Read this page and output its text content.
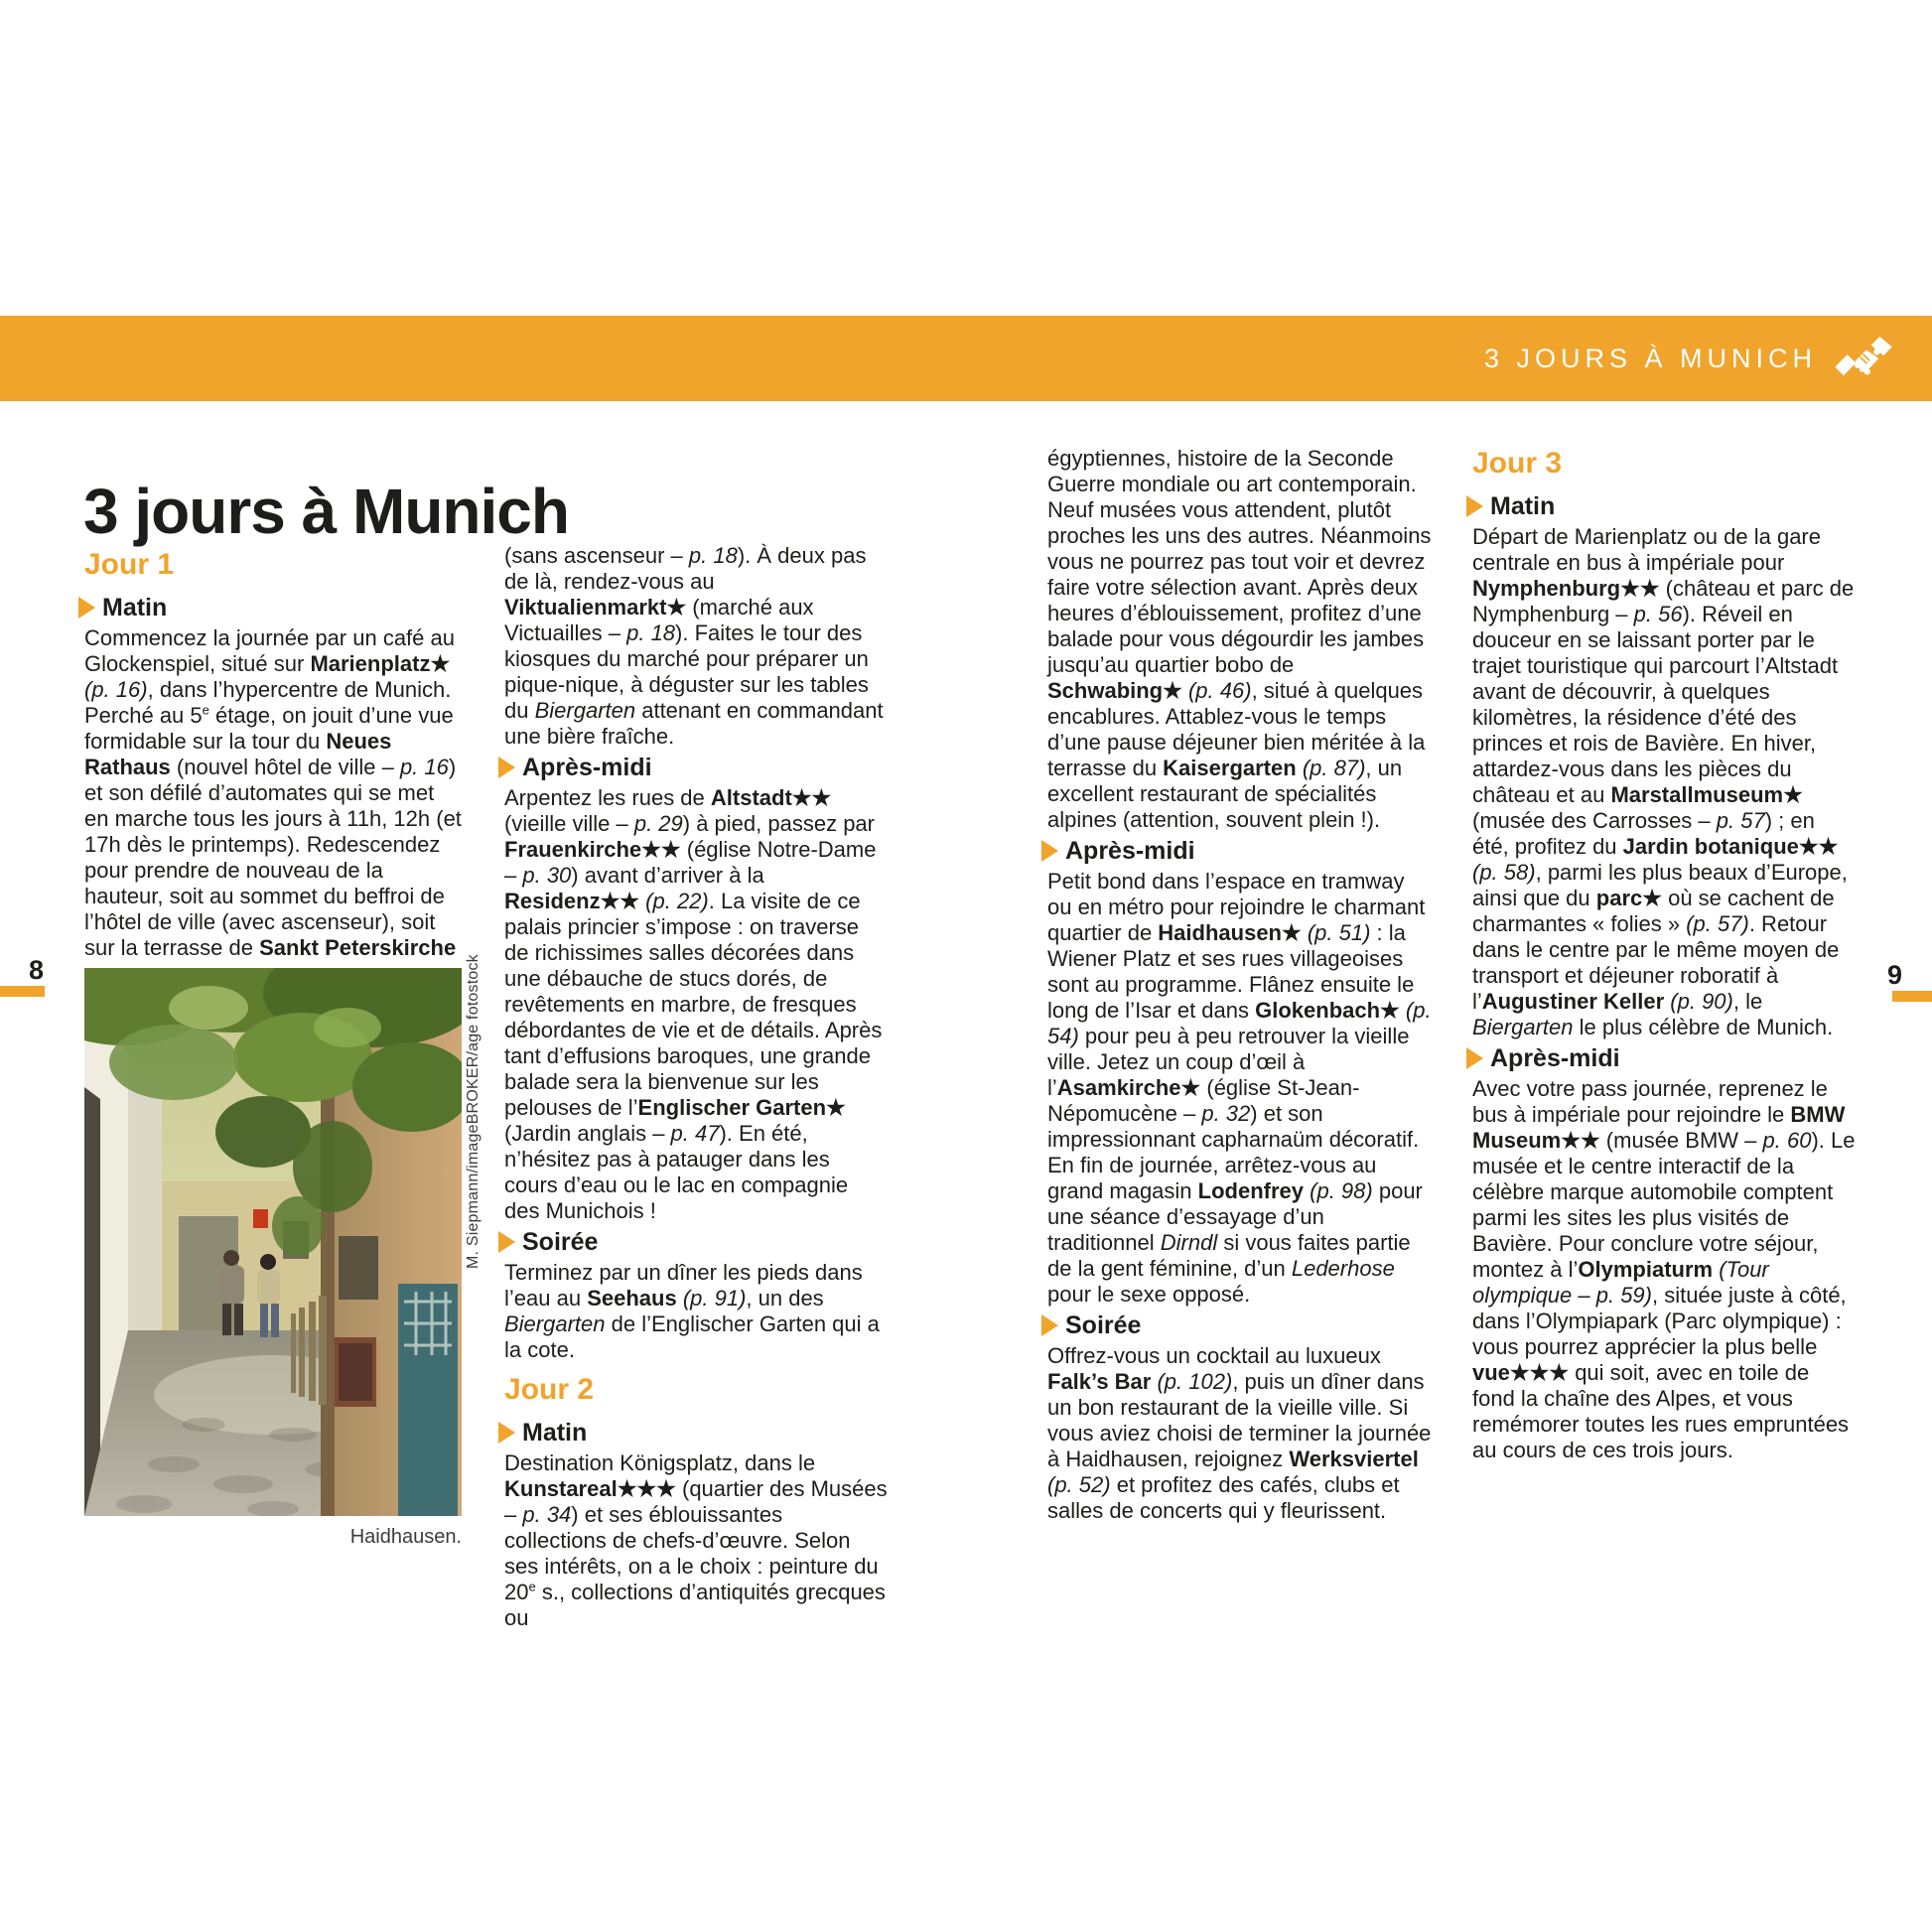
3 JOURS À MUNICH
3 jours à Munich
Jour 1
Matin

Commencez la journée par un café au Glockenspiel, situé sur Marienplatz★ (p. 16), dans l’hypercentre de Munich. Perché au 5e étage, on jouit d’une vue formidable sur la tour du Neues Rathaus (nouvel hôtel de ville – p. 16) et son défilé d’automates qui se met en marche tous les jours à 11h, 12h (et 17h dès le printemps). Redescendez pour prendre de nouveau de la hauteur, soit au sommet du beffroi de l’hôtel de ville (avec ascenseur), soit sur la terrasse de Sankt Peterskirche

(sans ascenseur – p. 18). À deux pas de là, rendez-vous au Viktualienmarkt★ (marché aux Victuailles – p. 18). Faites le tour des kiosques du marché pour préparer un pique-nique, à déguster sur les tables du Biergarten attenant en commandant une bière fraîche.

Après-midi

Arpentez les rues de Altstadt★★ (vieille ville – p. 29) à pied, passez par Frauenkirche★★ (église Notre-Dame – p. 30) avant d’arriver à la Residenz★★ (p. 22). La visite de ce palais princier s’impose : on traverse de richissimes salles décorées dans une débauche de stucs dorés, de revêtements en marbre, de fresques débordantes de vie et de détails. Après tant d’effusions baroques, une grande balade sera la bienvenue sur les pelouses de l’Englischer Garten★ (Jardin anglais – p. 47). En été, n’hésitez pas à patauger dans les cours d’eau ou le lac en compagnie des Munichois !

Soirée

Terminez par un dîner les pieds dans l’eau au Seehaus (p. 91), un des Biergarten de l’Englischer Garten qui a la cote.

Jour 2
Matin

Destination Königsplatz, dans le Kunstareal★★★ (quartier des Musées – p. 34) et ses éblouissantes collections de chefs-d’œuvre. Selon ses intérêts, on a le choix : peinture du 20e s., collections d’antiquités grecques ou

égyptiennes, histoire de la Seconde Guerre mondiale ou art contemporain. Neuf musées vous attendent, plutôt proches les uns des autres. Néanmoins vous ne pourrez pas tout voir et devrez faire votre sélection avant. Après deux heures d’éblouissement, profitez d’une balade pour vous dégourdir les jambes jusqu’au quartier bobo de Schwabing★ (p. 46), situé à quelques encablures. Attablez-vous le temps d’une pause déjeuner bien méritée à la terrasse du Kaisergarten (p. 87), un excellent restaurant de spécialités alpines (attention, souvent plein !).

Après-midi

Petit bond dans l’espace en tramway ou en métro pour rejoindre le charmant quartier de Haidhausen★ (p. 51) : la Wiener Platz et ses rues villageoises sont au programme. Flânez ensuite le long de l’Isar et dans Glokenbach★ (p. 54) pour peu à peu retrouver la vieille ville. Jetez un coup d’œil à l’Asamkirche★ (église St-Jean-Népomucène – p. 32) et son impressionnant capharnaüm décoratif. En fin de journée, arrêtez-vous au grand magasin Lodenfrey (p. 98) pour une séance d’essayage d’un traditionnel Dirndl si vous faites partie de la gent féminine, d’un Lederhose pour le sexe opposé.

Soirée

Offrez-vous un cocktail au luxueux Falk’s Bar (p. 102), puis un dîner dans un bon restaurant de la vieille ville. Si vous aviez choisi de terminer la journée à Haidhausen, rejoignez Werksviertel (p. 52) et profitez des cafés, clubs et salles de concerts qui y fleurissent.

Jour 3
Matin

Départ de Marienplatz ou de la gare centrale en bus à impériale pour Nymphenburg★★ (château et parc de Nymphenburg – p. 56). Réveil en douceur en se laissant porter par le trajet touristique qui parcourt l’Altstadt avant de découvrir, à quelques kilomètres, la résidence d’été des princes et rois de Bavière. En hiver, attardez-vous dans les pièces du château et au Marstallmuseum★ (musée des Carrosses – p. 57) ; en été, profitez du Jardin botanique★★ (p. 58), parmi les plus beaux d’Europe, ainsi que du parc★ où se cachent de charmantes « folies » (p. 57). Retour dans le centre par le même moyen de transport et déjeuner roboratif à l’Augustiner Keller (p. 90), le Biergarten le plus célèbre de Munich.

Après-midi

Avec votre pass journée, reprenez le bus à impériale pour rejoindre le BMW Museum★★ (musée BMW – p. 60). Le musée et le centre interactif de la célèbre marque automobile comptent parmi les sites les plus visités de Bavière. Pour conclure votre séjour, montez à l’Olympiaturm (Tour olympique – p. 59), située juste à côté, dans l’Olympiapark (Parc olympique) : vous pourrez apprécier la plus belle vue★★★ qui soit, avec en toile de fond la chaîne des Alpes, et vous remémorer toutes les rues empruntées au cours de ces trois jours.

M. Siepmann/imageBROKER/age fotostock
Haidhausen.
8	9
